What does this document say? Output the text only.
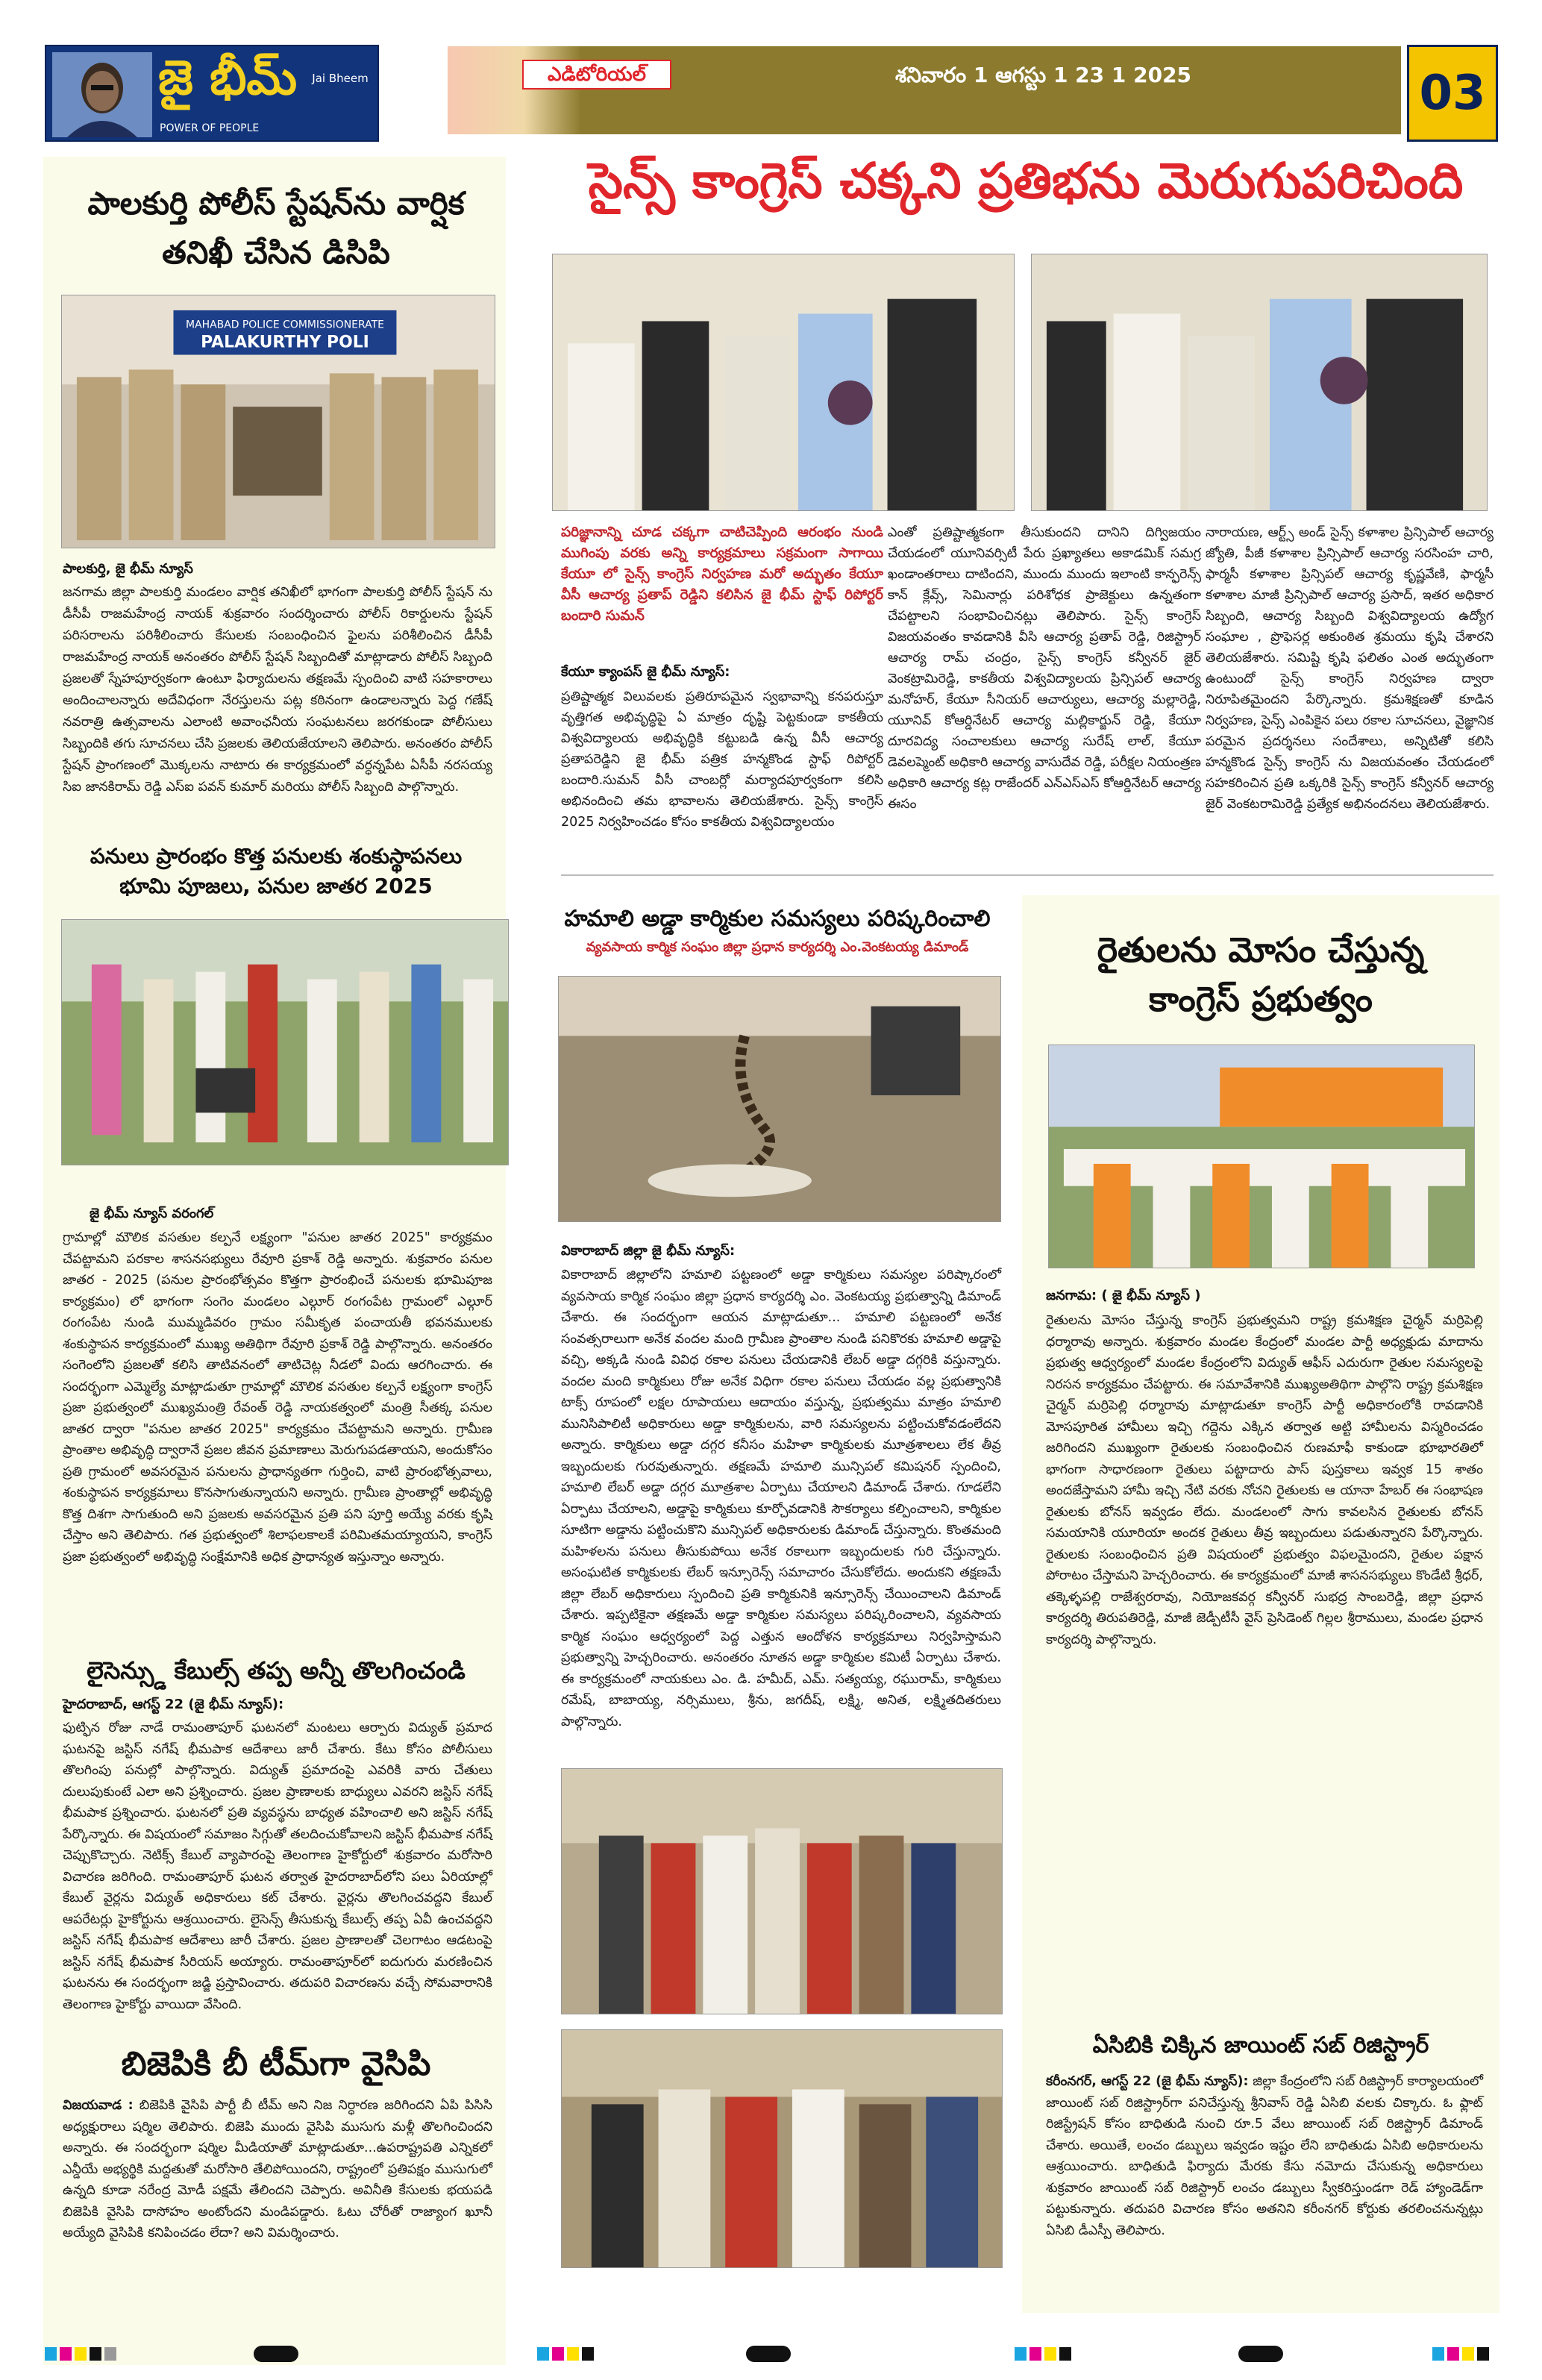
జై భీమ్
POWER OF PEOPLE
Jai Bheem	ఎడిటోరియల్	శనివారం 1 ఆగస్టు 1 23 1 2025	03
పాలకుర్తి పోలీస్ స్టేషన్‌ను వార్షిక తనిఖీ చేసిన డిసిపి
MAHABAD POLICE COMMISSIONERATE
PALAKURTHY POLI
పాలకుర్తి, జై భీమ్ న్యూస్
జనగామ జిల్లా పాలకుర్తి మండలం వార్షిక తనిఖీలో భాగంగా పాలకుర్తి పోలీస్ స్టేషన్ ను డీసీపీ రాజమహేంద్ర నాయక్ శుక్రవారం సందర్శించారు పోలీస్ రికార్డులను స్టేషన్ పరిసరాలను పరిశీలించారు కేసులకు సంబంధించిన ఫైలను పరిశీలించిన డీసీపీ రాజమహేంద్ర నాయక్ అనంతరం పోలీస్ స్టేషన్ సిబ్బందితో మాట్లాడారు పోలీస్ సిబ్బంది ప్రజలతో స్నేహపూర్వకంగా ఉంటూ ఫిర్యాదులను తక్షణమే స్పందించి వాటి సహకారాలు అందించాలన్నారు అదేవిధంగా నేరస్తులను పట్ల కఠినంగా ఉండాలన్నారు పెద్ద గణేష్ నవరాత్రి ఉత్సవాలను ఎలాంటి అవాంఛనీయ సంఘటనలు జరగకుండా పోలీసులు సిబ్బందికి తగు సూచనలు చేసి ప్రజలకు తెలియజేయాలని తెలిపారు. అనంతరం పోలీస్ స్టేషన్ ప్రాంగణంలో మొక్కలను నాటారు ఈ కార్యక్రమంలో వర్ధన్నపేట ఏసీపీ నరసయ్య సిఐ జానకిరామ్ రెడ్డి ఎస్ఐ పవన్ కుమార్ మరియు పోలీస్ సిబ్బంది పాల్గొన్నారు.
పనులు ప్రారంభం కొత్త పనులకు శంకుస్థాపనలు
భూమి పూజలు, పనుల జాతర 2025
జై భీమ్ న్యూస్ వరంగల్
గ్రామాల్లో మౌలిక వసతుల కల్పనే లక్ష్యంగా "పనుల జాతర 2025" కార్యక్రమం చేపట్టామని పరకాల శాసనసభ్యులు రేవూరి ప్రకాశ్ రెడ్డి అన్నారు. శుక్రవారం పనుల జాతర - 2025 (పనుల ప్రారంభోత్సవం కొత్తగా ప్రారంభించే పనులకు భూమిపూజ కార్యక్రమం) లో భాగంగా సంగెం మండలం ఎల్గూర్ రంగంపేట గ్రామంలో ఎల్గూర్ రంగంపేట నుండి ముమ్మడివరం గ్రామం సమీకృత పంచాయతీ భవనములకు శంకుస్థాపన కార్యక్రమంలో ముఖ్య అతిథిగా రేవూరి ప్రకాశ్ రెడ్డి పాల్గొన్నారు. అనంతరం సంగెంలోని ప్రజలతో కలిసి తాటివనంలో తాటిచెట్ల నీడలో విందు ఆరగించారు. ఈ సందర్భంగా ఎమ్మెల్యే మాట్లాడుతూ గ్రామాల్లో మౌలిక వసతుల కల్పనే లక్ష్యంగా కాంగ్రెస్ ప్రజా ప్రభుత్వంలో ముఖ్యమంత్రి రేవంత్ రెడ్డి నాయకత్వంలో మంత్రి సీతక్క పనుల జాతర ద్వారా "పనుల జాతర 2025" కార్యక్రమం చేపట్టామని అన్నారు. గ్రామీణ ప్రాంతాల అభివృద్ధి ద్వారానే ప్రజల జీవన ప్రమాణాలు మెరుగుపడతాయని, అందుకోసం ప్రతి గ్రామంలో అవసరమైన పనులను ప్రాధాన్యతగా గుర్తించి, వాటి ప్రారంభోత్సవాలు, శంకుస్థాపన కార్యక్రమాలు కొనసాగుతున్నాయని అన్నారు. గ్రామీణ ప్రాంతాల్లో అభివృద్ధి కొత్త దిశగా సాగుతుంది అని ప్రజలకు అవసరమైన ప్రతి పని పూర్తి అయ్యే వరకు కృషి చేస్తాం అని తెలిపారు. గత ప్రభుత్వంలో శిలాఫలకాలకే పరిమితమయ్యాయని, కాంగ్రెస్ ప్రజా ప్రభుత్వంలో అభివృద్ధి సంక్షేమానికి అధిక ప్రాధాన్యత ఇస్తున్నాం అన్నారు.
లైసెన్స్డు కేబుల్స్ తప్ప అన్నీ తొలగించండి
హైదరాబాద్, ఆగస్ట్ 22 (జై భీమ్ న్యూస్):
ఫుట్ఫిన రోజు నాడే రామంతాపూర్ ఘటనలో మంటలు ఆర్పారు విద్యుత్ ప్రమాద ఘటనపై జస్టిస్ నగేష్ భీమపాక ఆదేశాలు జారీ చేశారు. కేటు కోసం పోలీసులు తొలగింపు పనుల్లో పాల్గొన్నారు. విద్యుత్ ప్రమాదంపై ఎవరికి వారు చేతులు దులుపుకుంటే ఎలా అని ప్రశ్నించారు. ప్రజల ప్రాణాలకు బాధ్యులు ఎవరని జస్టిస్ నగేష్ భీమపాక ప్రశ్నించారు. ఘటనలో ప్రతి వ్యవస్థను బాధ్యత వహించాలి అని జస్టిస్ నగేష్ పేర్కొన్నారు. ఈ విషయంలో సమాజం సిగ్గుతో తలదించుకోవాలని జస్టిస్ భీమపాక నగేష్ చెప్పుకొచ్చారు. నెటిక్స్ కేబుల్ వ్యాపారంపై తెలంగాణ హైకోర్టులో శుక్రవారం మరోసారి విచారణ జరిగింది. రామంతాపూర్ ఘటన తర్వాత హైదరాబాద్‌లోని పలు ఏరియాల్లో కేబుల్ వైర్లను విద్యుత్ అధికారులు కట్ చేశారు. వైర్లను తొలగించవద్దని కేబుల్ ఆపరేటర్లు హైకోర్టును ఆశ్రయించారు. లైసెన్స్ తీసుకున్న కేబుల్స్ తప్ప ఏవీ ఉంచవద్దని జస్టిస్ నగేష్ భీమపాక ఆదేశాలు జారీ చేశారు. ప్రజల ప్రాణాలతో చెలగాటం ఆడటంపై జస్టిస్ నగేష్ భీమపాక సీరియస్ అయ్యారు. రామంతాపూర్‌లో ఐదుగురు మరణించిన ఘటనను ఈ సందర్భంగా జడ్జి ప్రస్తావించారు. తదుపరి విచారణను వచ్చే సోమవారానికి తెలంగాణ హైకోర్టు వాయిదా వేసింది.
బిజెపికి బీ టీమ్‌గా వైసిపి
విజయవాడ : బిజెపికి వైసిపి పార్టీ బీ టీమ్ అని నిజ నిర్ధారణ జరిగిందని ఏపి పిసిసి అధ్యక్షురాలు షర్మిల తెలిపారు. బిజెపి ముందు వైసిపి ముసుగు మళ్లీ తొలగించిందని అన్నారు. ఈ సందర్భంగా షర్మిల మీడియాతో మాట్లాడుతూ...ఉపరాష్ట్రపతి ఎన్నికలో ఎన్డీయే అభ్యర్థికి మద్దతుతో మరోసారి తేలిపోయిందని, రాష్ట్రంలో ప్రతిపక్షం ముసుగులో ఉన్నది కూడా నరేంద్ర మోడీ పక్షమే తేలిందని చెప్పారు. అవినీతి కేసులకు భయపడి బిజెపికి వైసిపి దాసోహం అంటోందని మండిపడ్డారు. ఓటు చోరీతో రాజ్యాంగ ఖూనీ అయ్యేది వైసిపికి కనిపించడం లేదా? అని విమర్శించారు.
సైన్స్ కాంగ్రెస్ చక్కని ప్రతిభను మెరుగుపరిచింది
పరిజ్ఞానాన్ని చూడ చక్కగా చాటిచెప్పింది ఆరంభం నుండి ముగింపు వరకు అన్ని కార్యక్రమాలు సక్రమంగా సాగాయి కేయూ లో సైన్స్ కాంగ్రెస్ నిర్వహణ మరో అద్భుతం కేయూ వీసీ ఆచార్య ప్రతాప్ రెడ్డిని కలిసిన జై భీమ్ స్టాఫ్ రిపోర్టర్ బందారి సుమన్
కేయూ క్యాంపస్ జై భీమ్ న్యూస్:
ప్రతిష్టాత్మక విలువలకు ప్రతిరూపమైన స్వభావాన్ని కనపరుస్తూ వృత్తిగత అభివృద్ధిపై ఏ మాత్రం దృష్టి పెట్టకుండా కాకతీయ విశ్వవిద్యాలయ అభివృద్ధికి కట్టుబడి ఉన్న వీసీ ఆచార్య ప్రతాపరెడ్డిని జై భీమ్ పత్రిక హన్మకొండ స్టాఫ్ రిపోర్టర్ బందారి.సుమన్ వీసీ చాంబర్లో మర్యాదపూర్వకంగా కలిసి అభినందించి తమ భావాలను తెలియజేశారు. సైన్స్ కాంగ్రెస్ 2025 నిర్వహించడం కోసం కాకతీయ విశ్వవిద్యాలయం
ఎంతో ప్రతిష్టాత్మకంగా తీసుకుందని దానిని దిగ్విజయం చేయడంలో యూనివర్సిటీ పేరు ప్రఖ్యాతలు అకాడమిక్ సమగ్ర ఖండాంతరాలు దాటిందని, ముందు ముందు ఇలాంటి కాన్ఫరెన్స్ కాన్ క్లేవ్స్, సెమినార్లు పరిశోధక ప్రాజెక్టులు ఉన్నతంగా చేపట్టాలని సంభావించినట్లు తెలిపారు. సైన్స్ కాంగ్రెస్ విజయవంతం కావడానికి వీసి ఆచార్య ప్రతాప్ రెడ్డి, రిజిస్ట్రార్ ఆచార్య రామ్ చంద్రం, సైన్స్ కాంగ్రెస్ కన్వీనర్ జైర్ వెంకట్రామిరెడ్డి, కాకతీయ విశ్వవిద్యాలయ ప్రిన్సిపల్ ఆచార్య మనోహర్, కేయూ సీనియర్ ఆచార్యులు, ఆచార్య మల్లారెడ్డి, యూనివ్ కోఆర్డినేటర్ ఆచార్య మల్లికార్జున్ రెడ్డి, కేయూ దూరవిద్య సంచాలకులు ఆచార్య సురేష్ లాల్, కేయూ డెవలప్మెంట్ అధికారి ఆచార్య వాసుదేవ రెడ్డి, పరీక్షల నియంత్రణ అధికారి ఆచార్య కట్ల రాజేందర్ ఎన్ఎస్ఎస్ కోఆర్డినేటర్ ఆచార్య ఈసం
నారాయణ, ఆర్ట్స్ అండ్ సైన్స్ కళాశాల ప్రిన్సిపాల్ ఆచార్య జ్యోతి, పీజీ కళాశాల ప్రిన్సిపాల్ ఆచార్య సరసింహ చారి, ఫార్మసీ కళాశాల ప్రిన్సిపల్ ఆచార్య కృష్ణవేణి, ఫార్మసీ కళాశాల మాజీ ప్రిన్సిపాల్ ఆచార్య ప్రసాద్, ఇతర అధికార సిబ్బంది, ఆచార్య సిబ్బంది విశ్వవిద్యాలయ ఉద్యోగ సంఘాల , ప్రొఫెసర్ల అకుంఠిత శ్రమయు కృషి చేశారని తెలియజేశారు. సమిష్టి కృషి ఫలితం ఎంత అద్భుతంగా ఉంటుందో సైన్స్ కాంగ్రెస్ నిర్వహణ ద్వారా నిరూపితమైందని పేర్కొన్నారు. క్రమశిక్షణతో కూడిన నిర్వహణ, సైన్స్ ఎంపికైన పలు రకాల సూచనలు, వైజ్ఞానిక పరమైన ప్రదర్శనలు సందేశాలు, అన్నిటితో కలిసి హన్మకొండ సైన్స్ కాంగ్రెస్ ను విజయవంతం చేయడంలో సహకరించిన ప్రతి ఒక్కరికి సైన్స్ కాంగ్రెస్ కన్వీనర్ ఆచార్య జైర్ వెంకటరామిరెడ్డి ప్రత్యేక అభినందనలు తెలియజేశారు.
హమాలి అడ్డా కార్మికుల సమస్యలు పరిష్కరించాలి
వ్యవసాయ కార్మిక సంఘం జిల్లా ప్రధాన కార్యదర్శి ఎం.వెంకటయ్య డిమాండ్
వికారాబాద్ జిల్లా జై భీమ్ న్యూస్:
వికారాబాద్ జిల్లాలోని హమాలి పట్టణంలో అడ్డా కార్మికులు సమస్యల పరిష్కారంలో వ్యవసాయ కార్మిక సంఘం జిల్లా ప్రధాన కార్యదర్శి ఎం. వెంకటయ్య ప్రభుత్వాన్ని డిమాండ్ చేశారు. ఈ సందర్భంగా ఆయన మాట్లాడుతూ... హమాలి పట్టణంలో అనేక సంవత్సరాలుగా అనేక వందల మంది గ్రామీణ ప్రాంతాల నుండి పనికొరకు హమాలి అడ్డాపై వచ్చి, అక్కడి నుండి వివిధ రకాల పనులు చేయడానికి లేబర్ అడ్డా దగ్గరికి వస్తున్నారు. వందల మంది కార్మికులు రోజు అనేక విధిగా రకాల పనులు చేయడం వల్ల ప్రభుత్వానికి టాక్స్ రూపంలో లక్షల రూపాయలు ఆదాయం వస్తున్న, ప్రభుత్వము మాత్రం హమాలి మునిసిపాలిటీ అధికారులు అడ్డా కార్మికులను, వారి సమస్యలను పట్టించుకోవడంలేదని అన్నారు. కార్మికులు అడ్డా దగ్గర కనీసం మహిళా కార్మికులకు మూత్రశాలలు లేక తీవ్ర ఇబ్బందులకు గురవుతున్నారు. తక్షణమే హమాలి మున్సిపల్ కమిషనర్ స్పందించి, హమాలి లేబర్ అడ్డా దగ్గర మూత్రశాల ఏర్పాటు చేయాలని డిమాండ్ చేశారు. గూడలేని ఏర్పాటు చేయాలని, అడ్డాపై కార్మికులు కూర్చోవడానికి సౌకర్యాలు కల్పించాలని, కార్మికుల సూటిగా అడ్డాను పట్టించుకొని మున్సిపల్ అధికారులకు డిమాండ్ చేస్తున్నారు. కొంతమంది మహిళలను పనులు తీసుకుపోయి అనేక రకాలుగా ఇబ్బందులకు గురి చేస్తున్నారు. అసంఘటిత కార్మికులకు లేబర్ ఇన్సూరెన్స్ సమాచారం చేసుకోలేదు. అందుకని తక్షణమే జిల్లా లేబర్ అధికారులు స్పందించి ప్రతి కార్మికునికి ఇన్సూరెన్స్ చేయించాలని డిమాండ్ చేశారు. ఇప్పటికైనా తక్షణమే అడ్డా కార్మికుల సమస్యలు పరిష్కరించాలని, వ్యవసాయ కార్మిక సంఘం ఆధ్వర్యంలో పెద్ద ఎత్తున ఆందోళన కార్యక్రమాలు నిర్వహిస్తామని ప్రభుత్వాన్ని హెచ్చరించారు. అనంతరం నూతన అడ్డా కార్మికుల కమిటీ ఏర్పాటు చేశారు. ఈ కార్యక్రమంలో నాయకులు ఎం. డి. హమీద్, ఎమ్. సత్యయ్య, రఘురామ్, కార్మికులు రమేష్, బాబాయ్య, నర్సిములు, శ్రీను, జగదీష్, లక్ష్మి, అనిత, లక్ష్మితదితరులు పాల్గొన్నారు.
రైతులను మోసం చేస్తున్న
కాంగ్రెస్ ప్రభుత్వం
జనగామ: ( జై భీమ్ న్యూస్ )
రైతులను మోసం చేస్తున్న కాంగ్రెస్ ప్రభుత్వమని రాష్ట్ర క్రమశిక్షణ చైర్మన్ మర్రిపెల్లి ధర్మారావు అన్నారు. శుక్రవారం మండల కేంద్రంలో మండల పార్టీ అధ్యక్షుడు మాదాను ప్రభుత్వ ఆధ్వర్యంలో మండల కేంద్రంలోని విద్యుత్ ఆఫీస్ ఎదురుగా రైతుల సమస్యలపై నిరసన కార్యక్రమం చేపట్టారు. ఈ సమావేశానికి ముఖ్యఅతిథిగా పాల్గొని రాష్ట్ర క్రమశిక్షణ చైర్మన్ మర్రిపెల్లి ధర్మారావు మాట్లాడుతూ కాంగ్రెస్ పార్టీ అధికారంలోకి రావడానికి మోసపూరిత హామీలు ఇచ్చి గద్దెను ఎక్కిన తర్వాత అట్టి హామీలను విస్మరించడం జరిగిందని ముఖ్యంగా రైతులకు సంబంధించిన రుణమాఫీ కాకుండా భూభారతిలో భాగంగా సాధారణంగా రైతులు పట్టాదారు పాస్ పుస్తకాలు ఇవ్వక 15 శాతం అందజేస్తామని హామీ ఇచ్చి నేటి వరకు నోచని రైతులకు ఆ యానా హేబర్ ఈ సంభాషణ రైతులకు బోనస్ ఇవ్వడం లేదు. మండలంలో సాగు కావలసిన రైతులకు బోనస్ సమయానికి యూరియా అందక రైతులు తీవ్ర ఇబ్బందులు పడుతున్నారని పేర్కొన్నారు. రైతులకు సంబంధించిన ప్రతి విషయంలో ప్రభుత్వం విఫలమైందని, రైతుల పక్షాన పోరాటం చేస్తామని హెచ్చరించారు. ఈ కార్యక్రమంలో మాజీ శాసనసభ్యులు కొండేటి శ్రీధర్, తక్కెళ్ళపల్లి రాజేశ్వరరావు, నియోజకవర్గ కన్వీనర్ సుభద్ర సాంబరెడ్డి, జిల్లా ప్రధాన కార్యదర్శి తిరుపతిరెడ్డి, మాజీ జెడ్పీటీసీ వైస్ ప్రెసిడెంట్ గిల్లల శ్రీరాములు, మండల ప్రధాన కార్యదర్శి పాల్గొన్నారు.
ఏసిబికి చిక్కిన జాయింట్ సబ్ రిజిస్ట్రార్
కరీంనగర్, ఆగస్ట్ 22 (జై భీమ్ న్యూస్): జిల్లా కేంద్రంలోని సబ్ రిజిస్ట్రార్ కార్యాలయంలో జాయింట్ సబ్ రిజిస్ట్రార్‌గా పనిచేస్తున్న శ్రీనివాస్ రెడ్డి ఏసిబి వలకు చిక్కారు. ఓ ఫ్లాట్ రిజిస్ట్రేషన్ కోసం బాధితుడి నుంచి రూ.5 వేలు జాయింట్ సబ్ రిజిస్ట్రార్ డిమాండ్ చేశారు. అయితే, లంచం డబ్బులు ఇవ్వడం ఇష్టం లేని బాధితుడు ఏసిబి అధికారులను ఆశ్రయించారు. బాధితుడి ఫిర్యాదు మేరకు కేసు నమోదు చేసుకున్న అధికారులు శుక్రవారం జాయింట్ సబ్ రిజిస్ట్రార్ లంచం డబ్బులు స్వీకరిస్తుండగా రెడ్ హ్యాండెడ్‌గా పట్టుకున్నారు. తదుపరి విచారణ కోసం అతనిని కరీంనగర్ కోర్టుకు తరలించనున్నట్లు ఏసిబి డీఎస్పీ తెలిపారు.
